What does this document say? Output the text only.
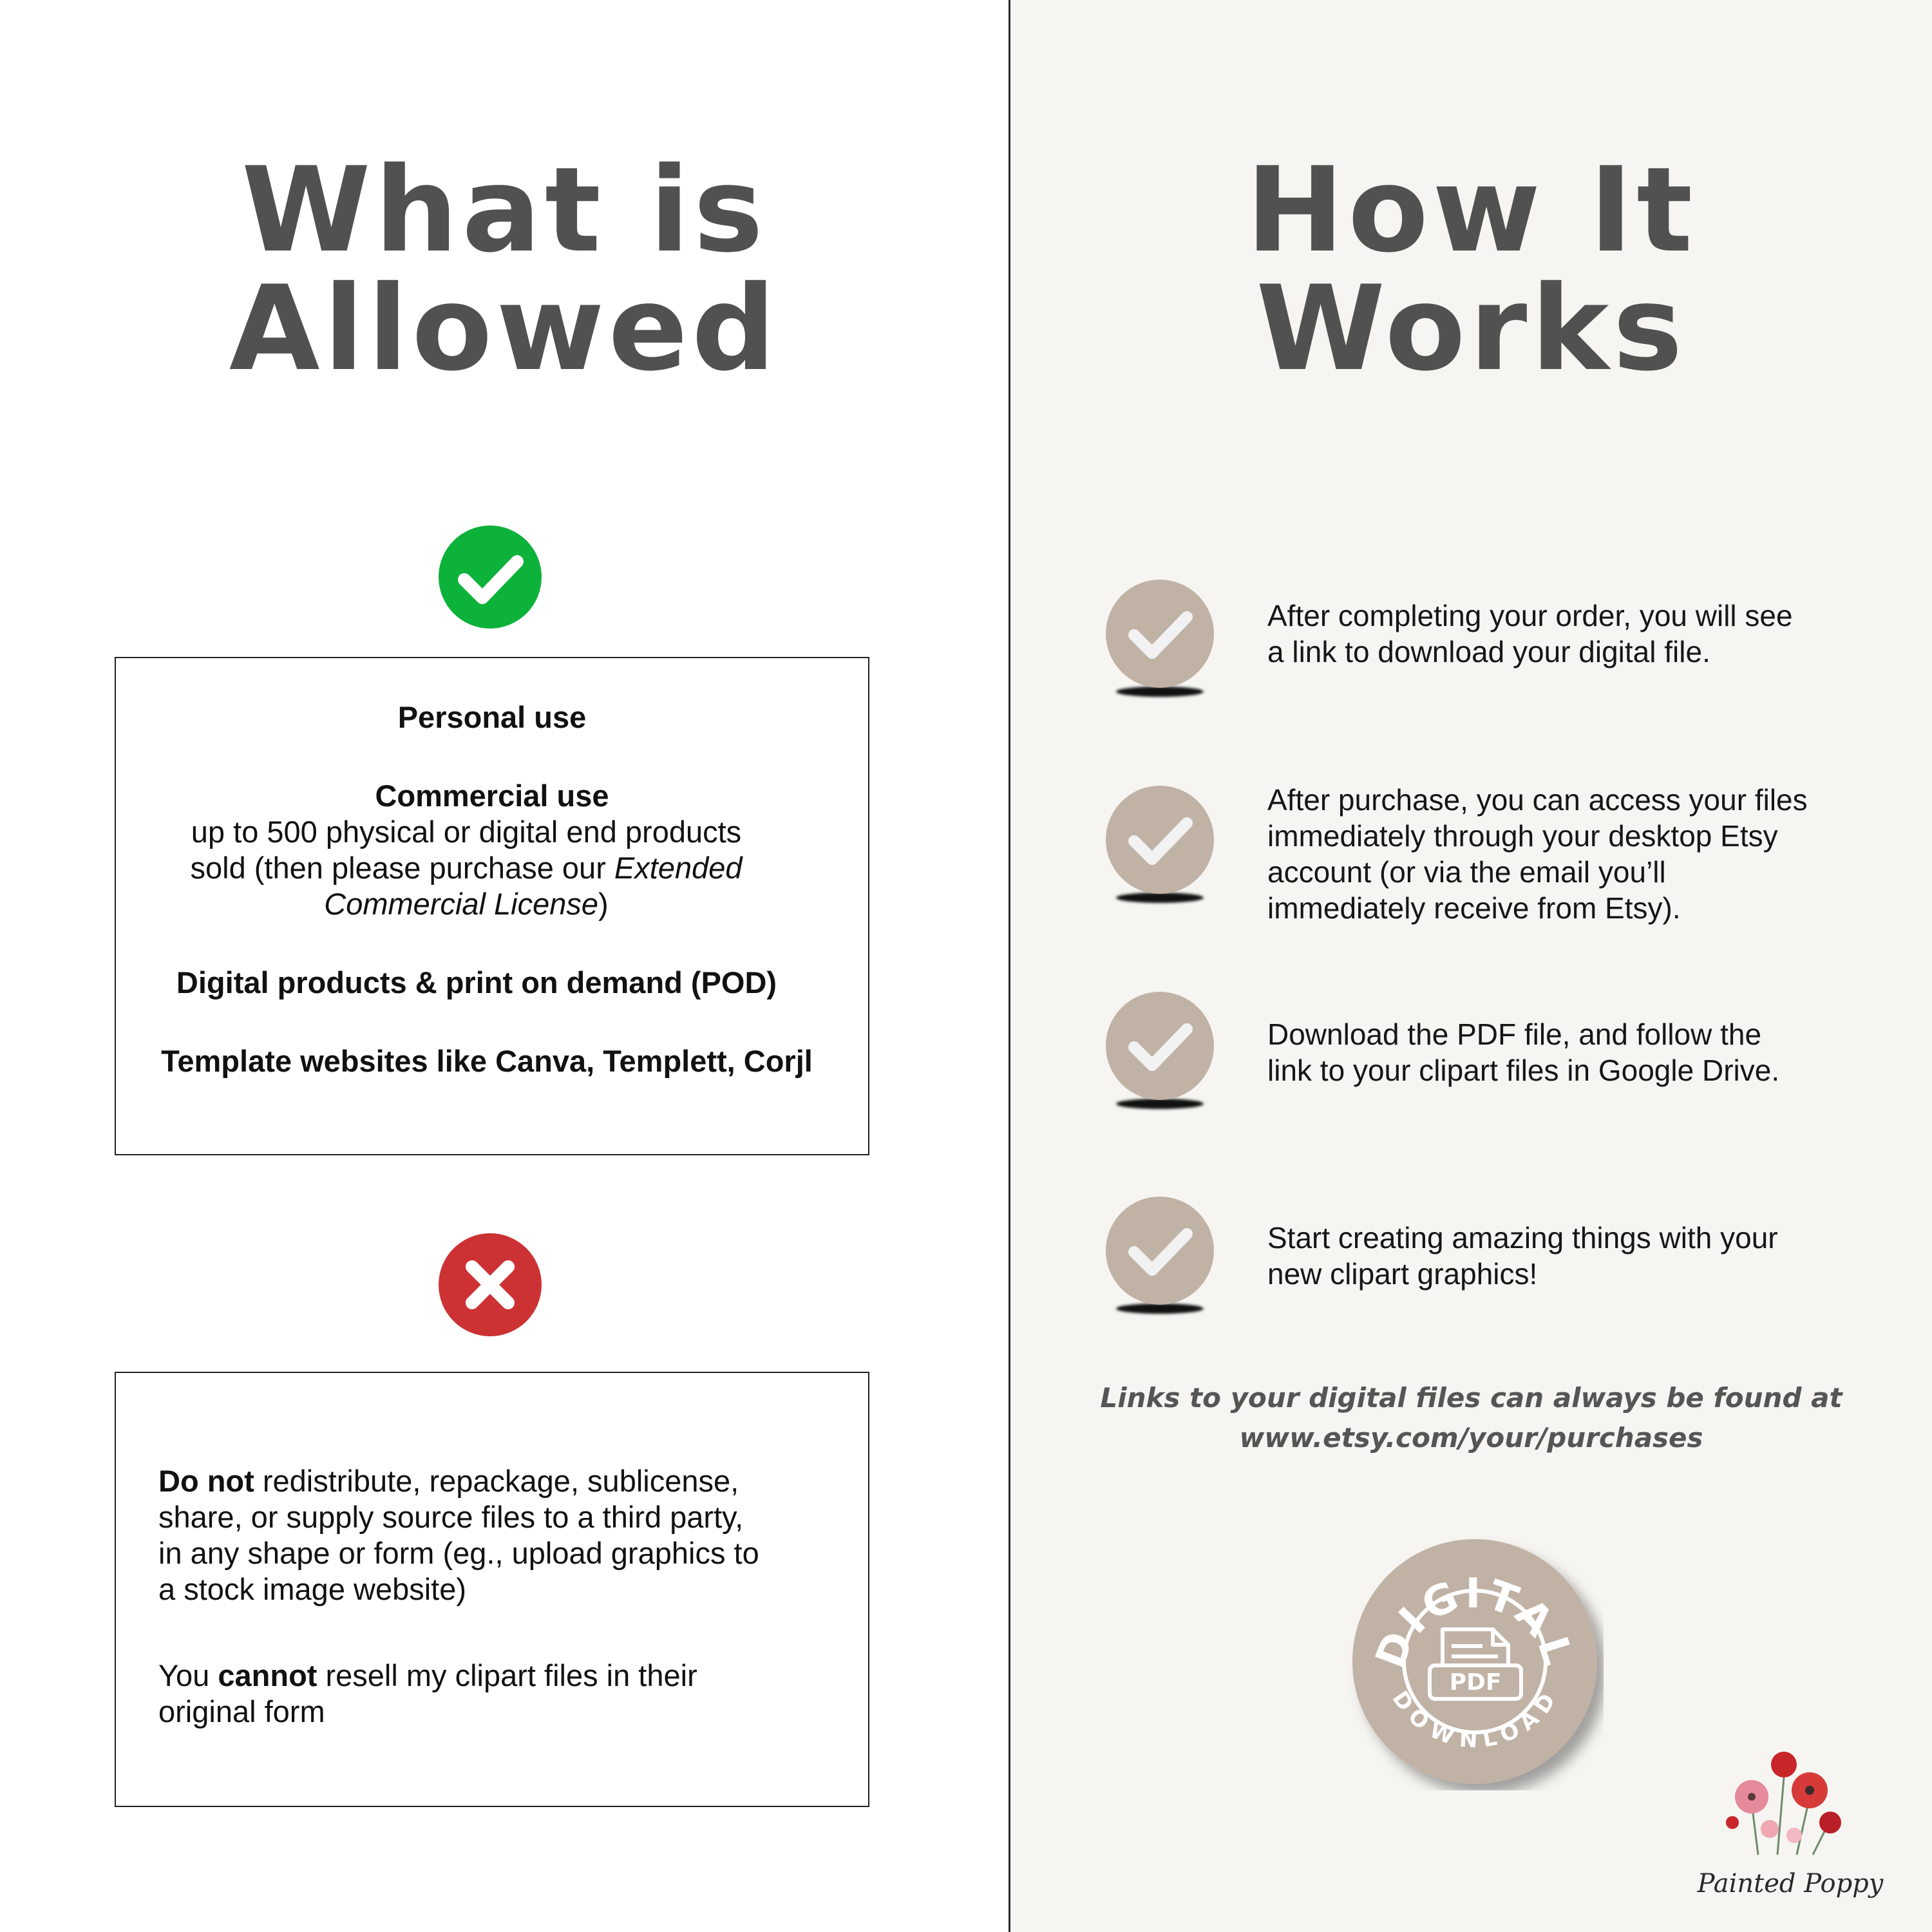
What is
Allowed
How It
Works
Personal use
Commercial use
up to 500 physical or digital end products
sold (then please purchase our Extended
Commercial License)
Digital products & print on demand (POD)
Template websites like Canva, Templett, Corjl
Do not redistribute, repackage, sublicense,
share, or supply source files to a third party,
in any shape or form (eg., upload graphics to
a stock image website)
You cannot resell my clipart files in their
original form
After completing your order, you will see
a link to download your digital file.
After purchase, you can access your files
immediately through your desktop Etsy
account (or via the email you’ll
immediately receive from Etsy).
Download the PDF file, and follow the
link to your clipart files in Google Drive.
Start creating amazing things with your
new clipart graphics!
Links to your digital files can always be found at
www.etsy.com/your/purchases
DIGITAL
DOWNLOAD
PDF
Painted Poppy
